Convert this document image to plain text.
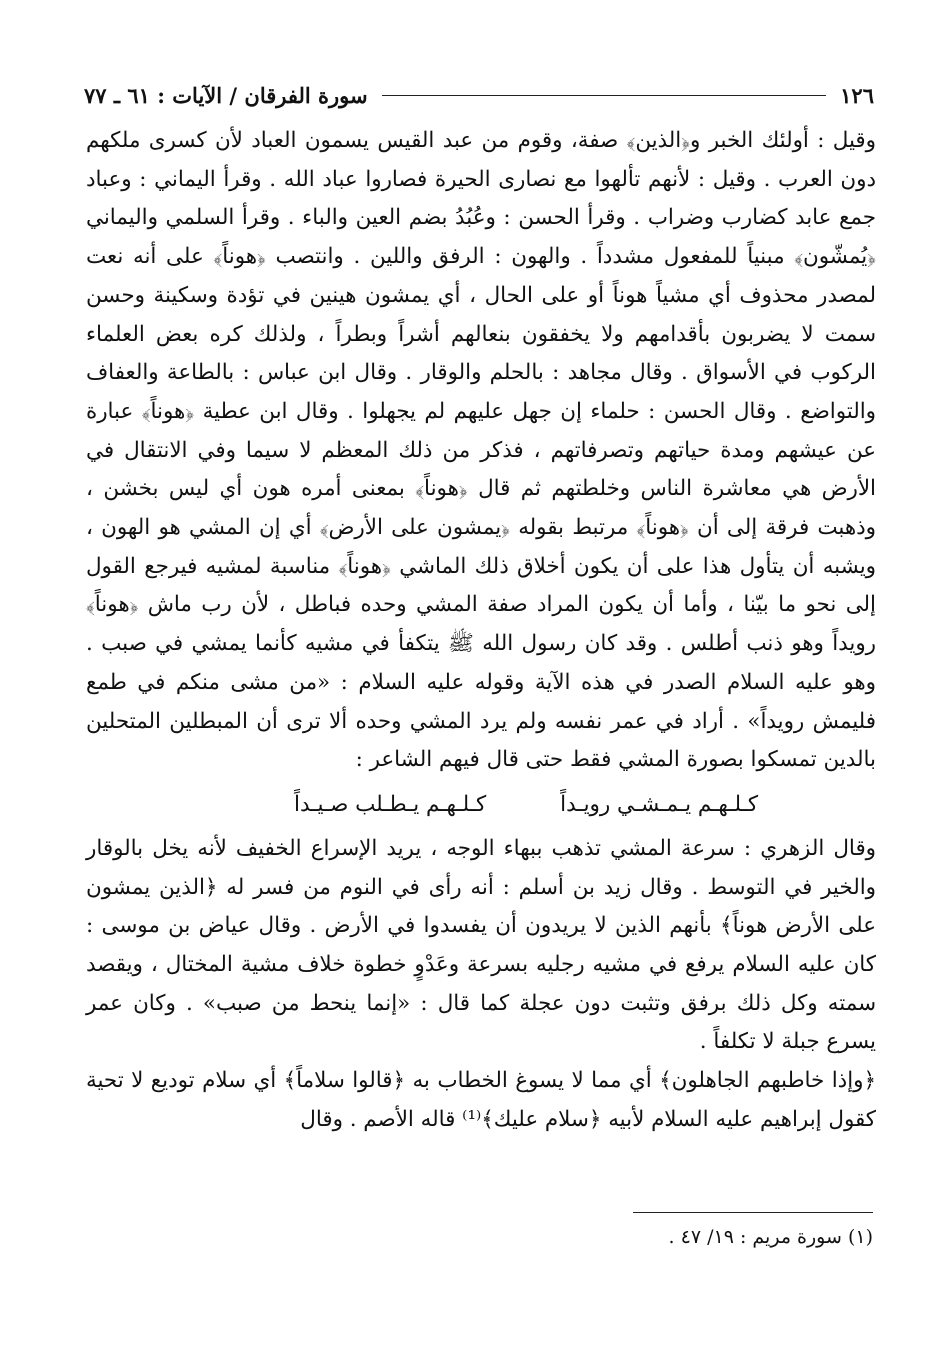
١٢٦
سورة الفرقان / الآيات : ٦١ ـ ٧٧

وقيل : أولئك الخبر و﴿الذين﴾ صفة، وقوم من عبد القيس يسمون العباد لأن كسرى ملكهم دون العرب . وقيل : لأنهم تألهوا مع نصارى الحيرة فصاروا عباد الله . وقرأ اليماني : وعباد جمع عابد كضارب وضراب . وقرأ الحسن : وعُبُدُ بضم العين والباء . وقرأ السلمي واليماني ﴿يُمشّون﴾ مبنياً للمفعول مشدداً . والهون : الرفق واللين . وانتصب ﴿هوناً﴾ على أنه نعت لمصدر محذوف أي مشياً هوناً أو على الحال ، أي يمشون هينين في تؤدة وسكينة وحسن سمت لا يضربون بأقدامهم ولا يخفقون بنعالهم أشراً وبطراً ، ولذلك كره بعض العلماء الركوب في الأسواق . وقال مجاهد : بالحلم والوقار . وقال ابن عباس : بالطاعة والعفاف والتواضع . وقال الحسن : حلماء إن جهل عليهم لم يجهلوا . وقال ابن عطية ﴿هوناً﴾ عبارة عن عيشهم ومدة حياتهم وتصرفاتهم ، فذكر من ذلك المعظم لا سيما وفي الانتقال في الأرض هي معاشرة الناس وخلطتهم ثم قال ﴿هوناً﴾ بمعنى أمره هون أي ليس بخشن ، وذهبت فرقة إلى أن ﴿هوناً﴾ مرتبط بقوله ﴿يمشون على الأرض﴾ أي إن المشي هو الهون ، ويشبه أن يتأول هذا على أن يكون أخلاق ذلك الماشي ﴿هوناً﴾ مناسبة لمشيه فيرجع القول إلى نحو ما بيّنا ، وأما أن يكون المراد صفة المشي وحده فباطل ، لأن رب ماش ﴿هوناً﴾ رويداً وهو ذنب أطلس . وقد كان رسول الله ﷺ يتكفأ في مشيه كأنما يمشي في صبب . وهو عليه السلام الصدر في هذه الآية وقوله عليه السلام : «من مشى منكم في طمع فليمش رويداً» . أراد في عمر نفسه ولم يرد المشي وحده ألا ترى أن المبطلين المتحلين بالدين تمسكوا بصورة المشي فقط حتى قال فيهم الشاعر :

كـلـهـم يـمـشـي رويـداً
كـلـهـم يـطـلب صـيـداً

وقال الزهري : سرعة المشي تذهب ببهاء الوجه ، يريد الإسراع الخفيف لأنه يخل بالوقار والخير في التوسط . وقال زيد بن أسلم : أنه رأى في النوم من فسر له ﴿الذين يمشون على الأرض هوناً﴾ بأنهم الذين لا يريدون أن يفسدوا في الأرض . وقال عياض بن موسى : كان عليه السلام يرفع في مشيه رجليه بسرعة وعَدْوٍ خطوة خلاف مشية المختال ، ويقصد سمته وكل ذلك برفق وتثبت دون عجلة كما قال : «إنما ينحط من صبب» . وكان عمر يسرع جبلة لا تكلفاً .

﴿وإذا خاطبهم الجاهلون﴾ أي مما لا يسوغ الخطاب به ﴿قالوا سلاماً﴾ أي سلام توديع لا تحية كقول إبراهيم عليه السلام لأبيه ﴿سلام عليك﴾⁽¹⁾ قاله الأصم . وقال

(١) سورة مريم : ١٩/ ٤٧ .
